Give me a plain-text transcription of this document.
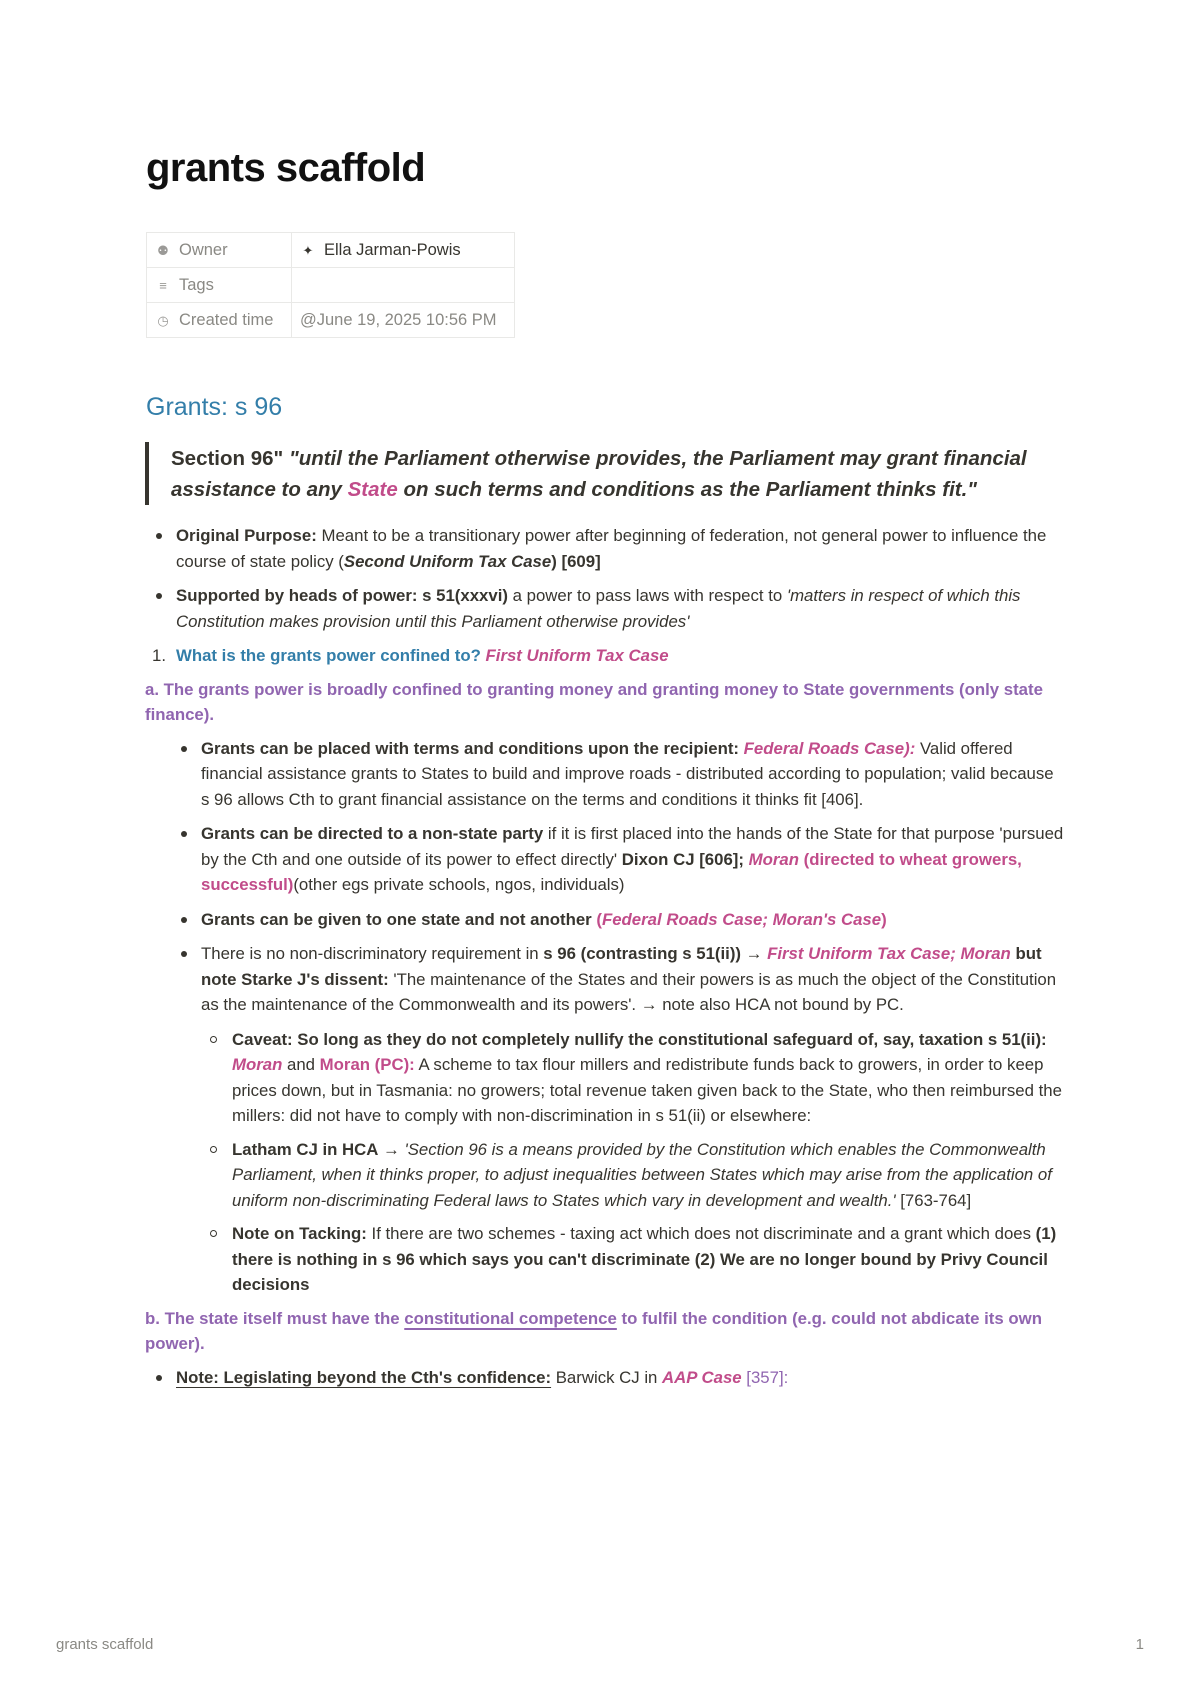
grants scaffold
⚉ Owner	✦ Ella Jarman-Powis
≡ Tags	
◷ Created time	@June 19, 2025 10:56 PM
Grants: s 96
Section 96" "until the Parliament otherwise provides, the Parliament may grant financial assistance to any State on such terms and conditions as the Parliament thinks fit."
Original Purpose: Meant to be a transitionary power after beginning of federation, not general power to influence the course of state policy (Second Uniform Tax Case) [609]
Supported by heads of power: s 51(xxxvi) a power to pass laws with respect to 'matters in respect of which this Constitution makes provision until this Parliament otherwise provides'
1. What is the grants power confined to? First Uniform Tax Case

a. The grants power is broadly confined to granting money and granting money to State governments (only state finance).

Grants can be placed with terms and conditions upon the recipient: Federal Roads Case): Valid offered financial assistance grants to States to build and improve roads - distributed according to population; valid because s 96 allows Cth to grant financial assistance on the terms and conditions it thinks fit [406].
Grants can be directed to a non-state party if it is first placed into the hands of the State for that purpose 'pursued by the Cth and one outside of its power to effect directly' Dixon CJ [606]; Moran (directed to wheat growers, successful)(other egs private schools, ngos, individuals)
Grants can be given to one state and not another (Federal Roads Case; Moran's Case)
There is no non-discriminatory requirement in s 96 (contrasting s 51(ii)) → First Uniform Tax Case; Moran but note Starke J's dissent: 'The maintenance of the States and their powers is as much the object of the Constitution as the maintenance of the Commonwealth and its powers'. → note also HCA not bound by PC.
Caveat: So long as they do not completely nullify the constitutional safeguard of, say, taxation s 51(ii): Moran and Moran (PC): A scheme to tax flour millers and redistribute funds back to growers, in order to keep prices down, but in Tasmania: no growers; total revenue taken given back to the State, who then reimbursed the millers: did not have to comply with non-discrimination in s 51(ii) or elsewhere:
Latham CJ in HCA → 'Section 96 is a means provided by the Constitution which enables the Commonwealth Parliament, when it thinks proper, to adjust inequalities between States which may arise from the application of uniform non-discriminating Federal laws to States which vary in development and wealth.' [763-764]
Note on Tacking: If there are two schemes - taxing act which does not discriminate and a grant which does (1) there is nothing in s 96 which says you can't discriminate (2) We are no longer bound by Privy Council decisions

b. The state itself must have the constitutional competence to fulfil the condition (e.g. could not abdicate its own power).

Note: Legislating beyond the Cth's confidence: Barwick CJ in AAP Case [357]:
grants scaffold	1
